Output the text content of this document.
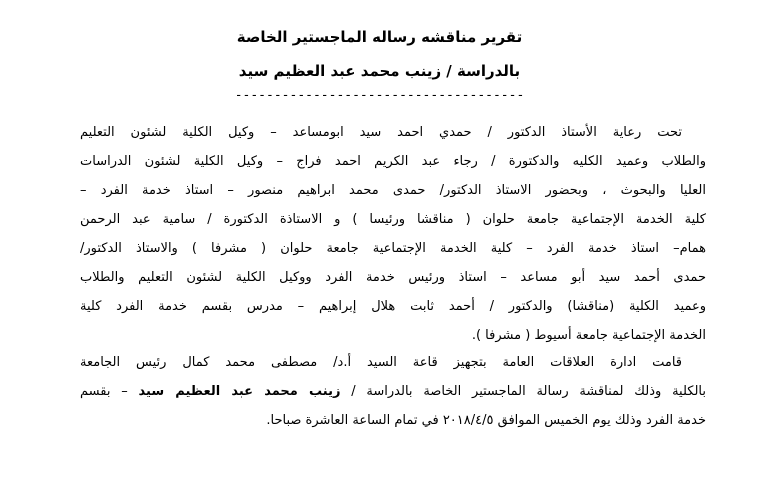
تقرير مناقشه رساله الماجستير الخاصة
بالدراسة / زينب محمد عبد العظيم سيد
-------------------------------------
تحت رعاية الأستاذ الدكتور / حمدي احمد سيد ابومساعد – وكيل الكلية لشئون التعليم
والطلاب وعميد الكليه والدكتورة / رجاء عبد الكريم احمد فراج – وكيل الكلية لشئون الدراسات
العليا والبحوث ، وبحضور الاستاذ الدكتور/ حمدى محمد ابراهيم منصور – استاذ خدمة الفرد –
كلية الخدمة الإجتماعية جامعة حلوان ( مناقشا ورئيسا ) و الاستاذة الدكتورة / سامية عبد الرحمن
همام– استاذ خدمة الفرد – كلية الخدمة الإجتماعية جامعة حلوان ( مشرفا ) والاستاذ الدكتور/
حمدى أحمد سيد أبو مساعد – استاذ ورئيس خدمة الفرد ووكيل الكلية لشئون التعليم والطلاب
وعميد الكلية (مناقشا) والدكتور / أحمد ثابت هلال إبراهيم – مدرس بقسم خدمة الفرد كلية
الخدمة الإجتماعية جامعة أسيوط ( مشرفا ).
قامت ادارة العلاقات العامة بتجهيز قاعة السيد أ.د/ مصطفى محمد كمال رئيس الجامعة
بالكلية وذلك لمناقشة رسالة الماجستير الخاصة بالدراسة / زينب محمد عبد العظيم سيد – بقسم
خدمة الفرد وذلك يوم الخميس الموافق ٢٠١٨/٤/٥ في تمام الساعة العاشرة صباحا.
